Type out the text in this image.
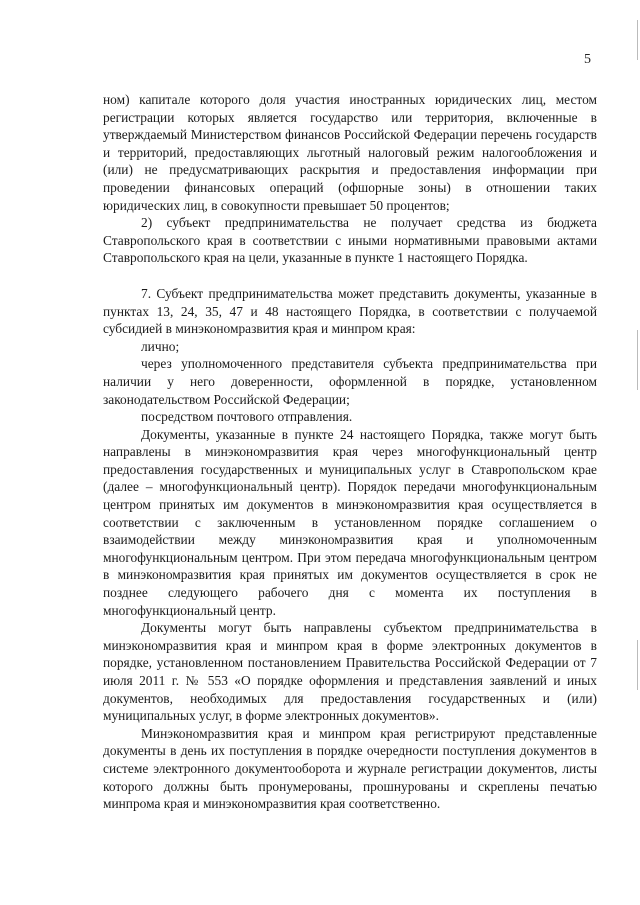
5

ном) капитале которого доля участия иностранных юридических лиц, местом регистрации которых является государство или территория, включенные в утверждаемый Министерством финансов Российской Федерации перечень государств и территорий, предоставляющих льготный налоговый режим налогообложения и (или) не предусматривающих раскрытия и предоставления информации при проведении финансовых операций (офшорные зоны) в отношении таких юридических лиц, в совокупности превышает 50 процентов;

2) субъект предпринимательства не получает средства из бюджета Ставропольского края в соответствии с иными нормативными правовыми актами Ставропольского края на цели, указанные в пункте 1 настоящего Порядка.

7. Субъект предпринимательства может представить документы, указанные в пунктах 13, 24, 35, 47 и 48 настоящего Порядка, в соответствии с получаемой субсидией в минэкономразвития края и минпром края:

лично;

через уполномоченного представителя субъекта предпринимательства при наличии у него доверенности, оформленной в порядке, установленном законодательством Российской Федерации;

посредством почтового отправления.

Документы, указанные в пункте 24 настоящего Порядка, также могут быть направлены в минэкономразвития края через многофункциональный центр предоставления государственных и муниципальных услуг в Ставропольском крае (далее – многофункциональный центр). Порядок передачи многофункциональным центром принятых им документов в минэкономразвития края осуществляется в соответствии с заключенным в установленном порядке соглашением о взаимодействии между минэкономразвития края и уполномоченным многофункциональным центром. При этом передача многофункциональным центром в минэкономразвития края принятых им документов осуществляется в срок не позднее следующего рабочего дня с момента их поступления в многофункциональный центр.

Документы могут быть направлены субъектом предпринимательства в минэкономразвития края и минпром края в форме электронных документов в порядке, установленном постановлением Правительства Российской Федерации от 7 июля 2011 г. № 553 «О порядке оформления и представления заявлений и иных документов, необходимых для предоставления государственных и (или) муниципальных услуг, в форме электронных документов».

Минэкономразвития края и минпром края регистрируют представленные документы в день их поступления в порядке очередности поступления документов в системе электронного документооборота и журнале регистрации документов, листы которого должны быть пронумерованы, прошнурованы и скреплены печатью минпрома края и минэкономразвития края соответственно.
